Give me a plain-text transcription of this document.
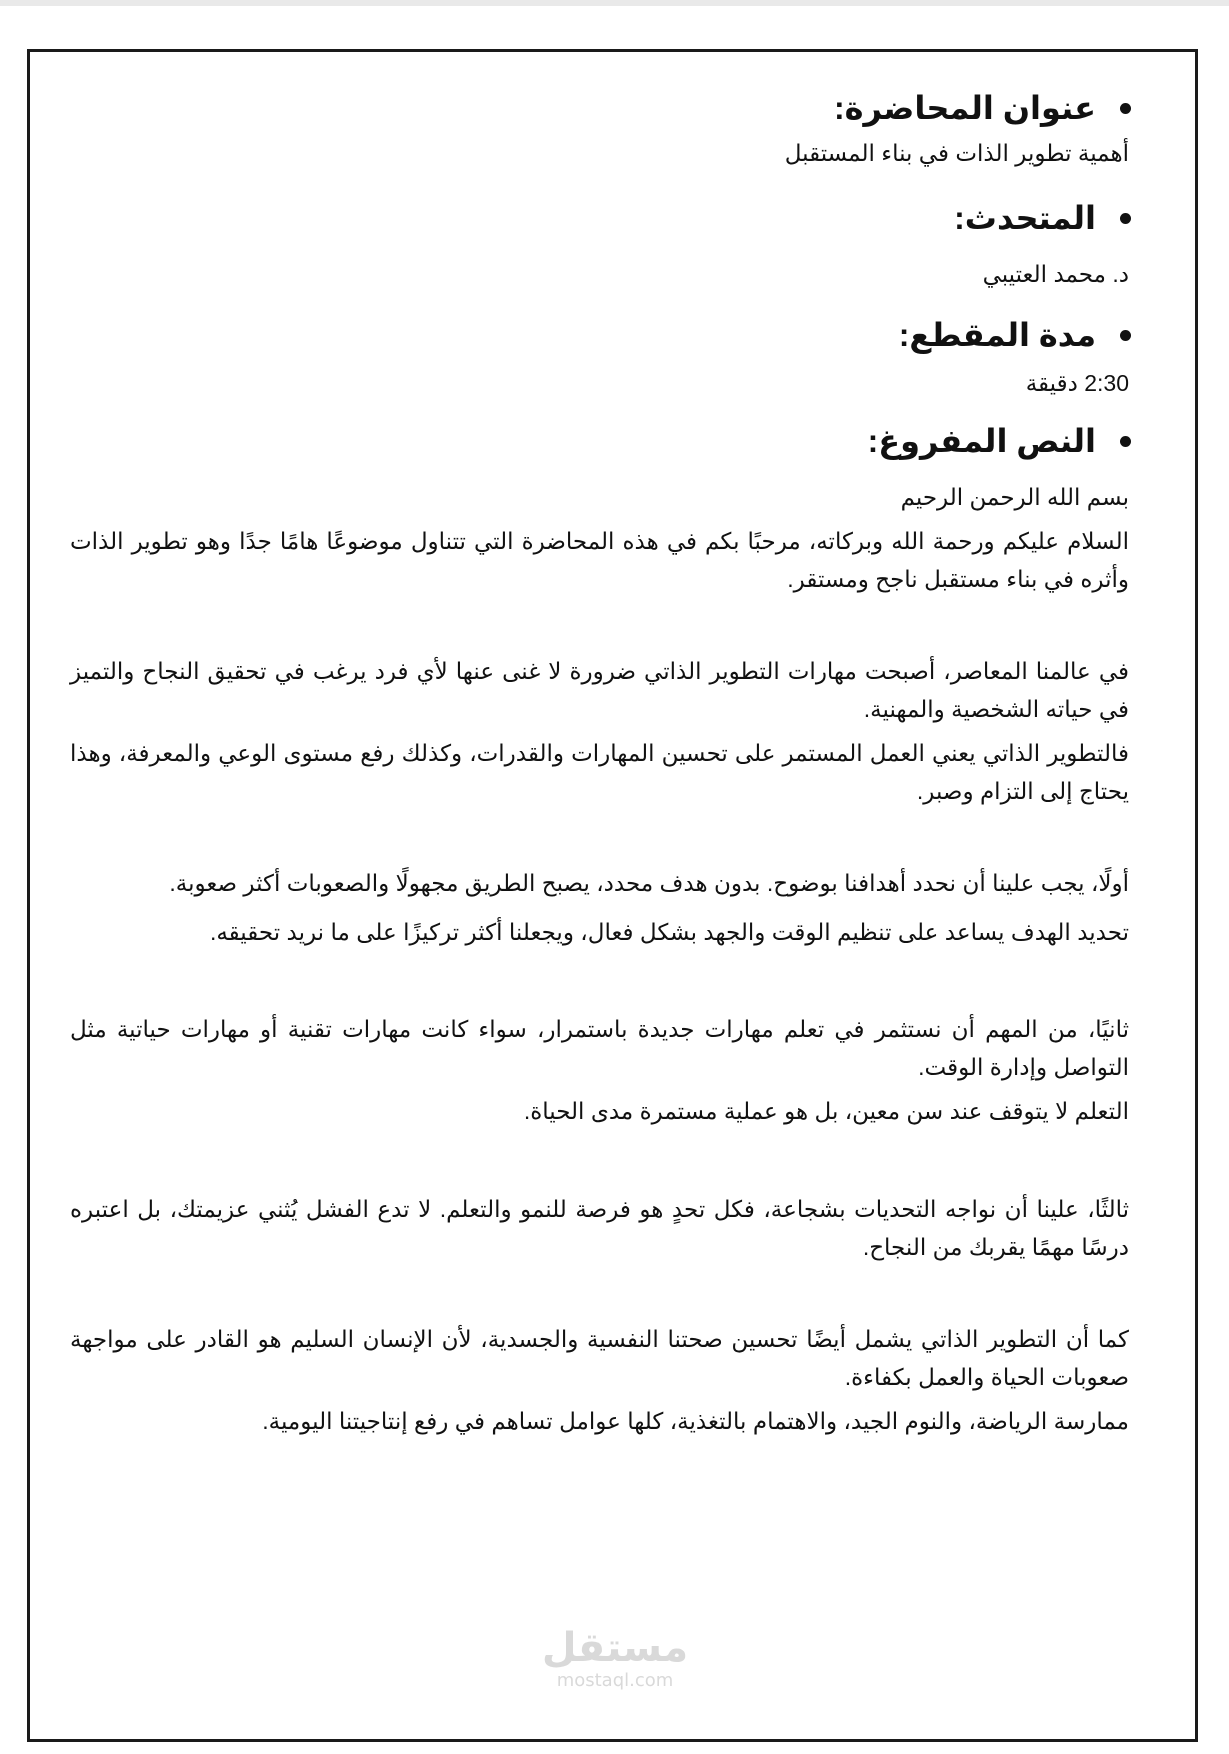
عنوان المحاضرة:
أهمية تطوير الذات في بناء المستقبل
المتحدث:
د. محمد العتيبي
مدة المقطع:
2:30 دقيقة
النص المفروغ:
بسم الله الرحمن الرحيم
السلام عليكم ورحمة الله وبركاته، مرحبًا بكم في هذه المحاضرة التي تتناول موضوعًا هامًا جدًا وهو تطوير الذات وأثره في بناء مستقبل ناجح ومستقر.
في عالمنا المعاصر، أصبحت مهارات التطوير الذاتي ضرورة لا غنى عنها لأي فرد يرغب في تحقيق النجاح والتميز في حياته الشخصية والمهنية.
فالتطوير الذاتي يعني العمل المستمر على تحسين المهارات والقدرات، وكذلك رفع مستوى الوعي والمعرفة، وهذا يحتاج إلى التزام وصبر.
أولًا، يجب علينا أن نحدد أهدافنا بوضوح. بدون هدف محدد، يصبح الطريق مجهولًا والصعوبات أكثر صعوبة.
تحديد الهدف يساعد على تنظيم الوقت والجهد بشكل فعال، ويجعلنا أكثر تركيزًا على ما نريد تحقيقه.
ثانيًا، من المهم أن نستثمر في تعلم مهارات جديدة باستمرار، سواء كانت مهارات تقنية أو مهارات حياتية مثل التواصل وإدارة الوقت.
التعلم لا يتوقف عند سن معين، بل هو عملية مستمرة مدى الحياة.
ثالثًا، علينا أن نواجه التحديات بشجاعة، فكل تحدٍ هو فرصة للنمو والتعلم. لا تدع الفشل يُثني عزيمتك، بل اعتبره درسًا مهمًا يقربك من النجاح.
كما أن التطوير الذاتي يشمل أيضًا تحسين صحتنا النفسية والجسدية، لأن الإنسان السليم هو القادر على مواجهة صعوبات الحياة والعمل بكفاءة.
ممارسة الرياضة، والنوم الجيد، والاهتمام بالتغذية، كلها عوامل تساهم في رفع إنتاجيتنا اليومية.
مستقل
mostaql.com
